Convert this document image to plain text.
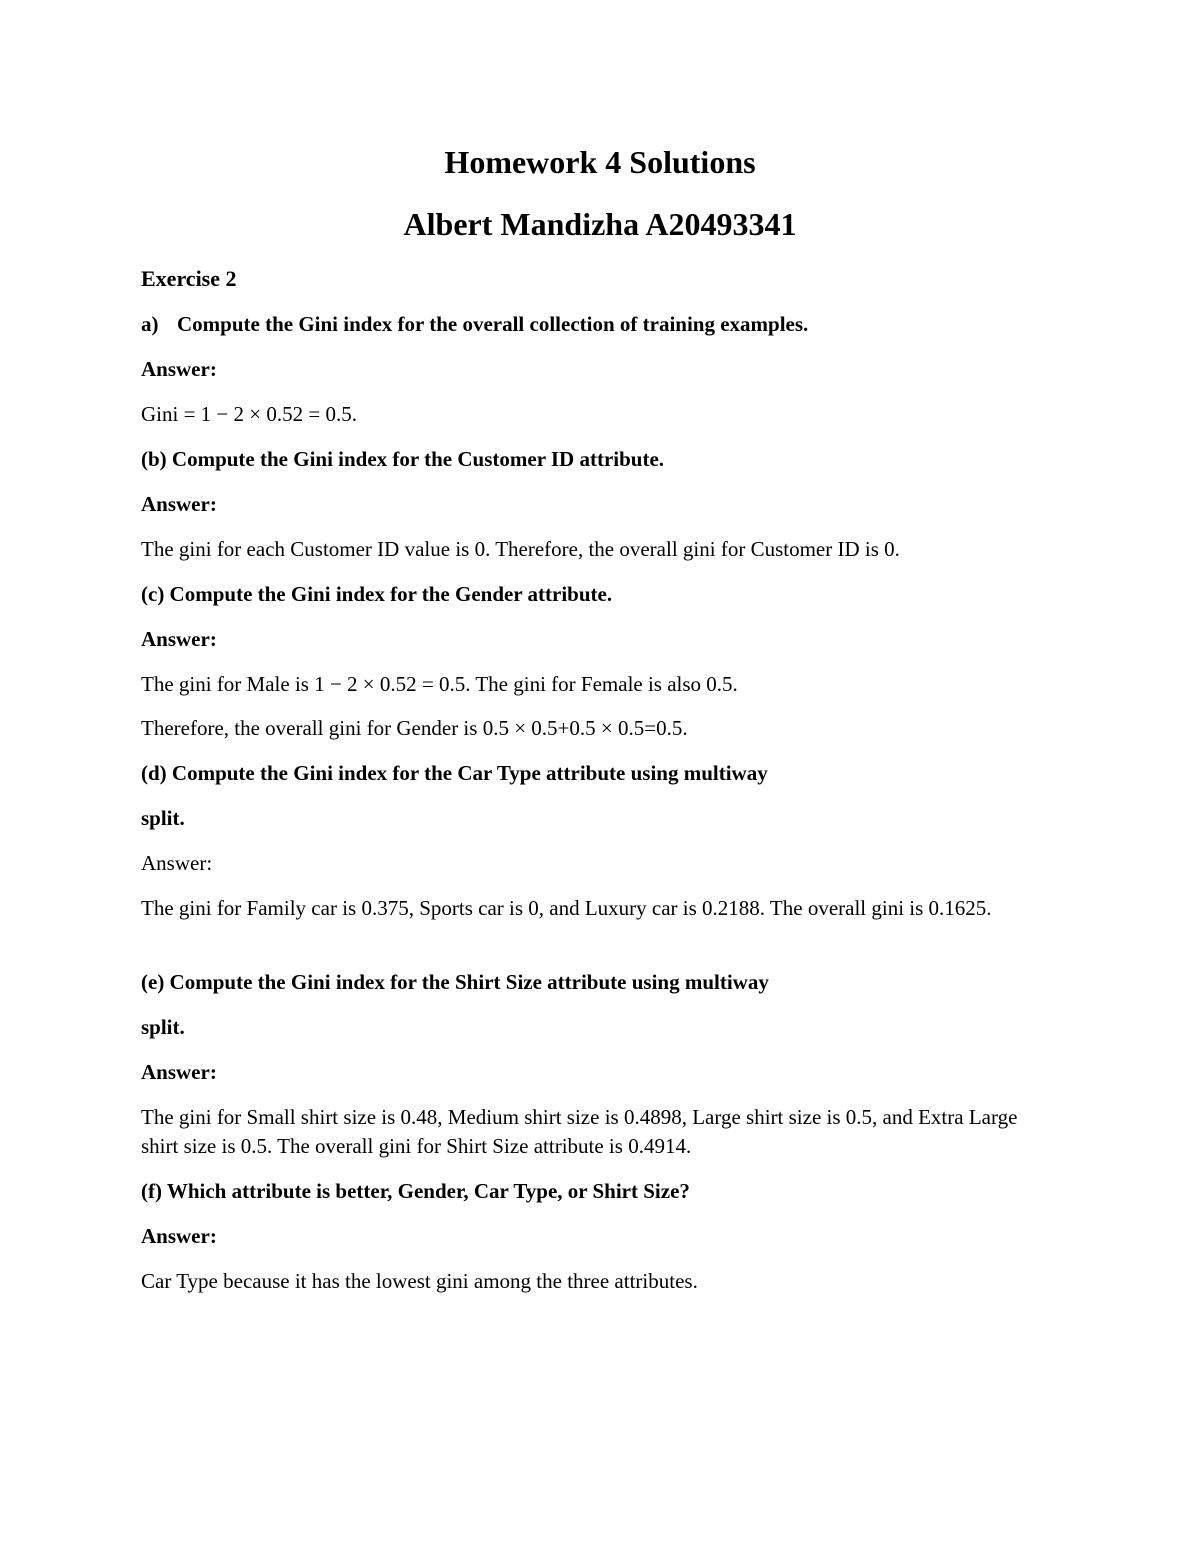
Homework 4 Solutions
Albert Mandizha A20493341
Exercise 2
a) Compute the Gini index for the overall collection of training examples.
Answer:
Gini = 1 − 2 × 0.52 = 0.5.
(b) Compute the Gini index for the Customer ID attribute.
Answer:
The gini for each Customer ID value is 0. Therefore, the overall gini for Customer ID is 0.
(c) Compute the Gini index for the Gender attribute.
Answer:
The gini for Male is 1 − 2 × 0.52 = 0.5. The gini for Female is also 0.5.
Therefore, the overall gini for Gender is 0.5 × 0.5+0.5 × 0.5=0.5.
(d) Compute the Gini index for the Car Type attribute using multiway
split.
Answer:
The gini for Family car is 0.375, Sports car is 0, and Luxury car is 0.2188. The overall gini is 0.1625.
(e) Compute the Gini index for the Shirt Size attribute using multiway
split.
Answer:
The gini for Small shirt size is 0.48, Medium shirt size is 0.4898, Large shirt size is 0.5, and Extra Large shirt size is 0.5. The overall gini for Shirt Size attribute is 0.4914.
(f) Which attribute is better, Gender, Car Type, or Shirt Size?
Answer:
Car Type because it has the lowest gini among the three attributes.
